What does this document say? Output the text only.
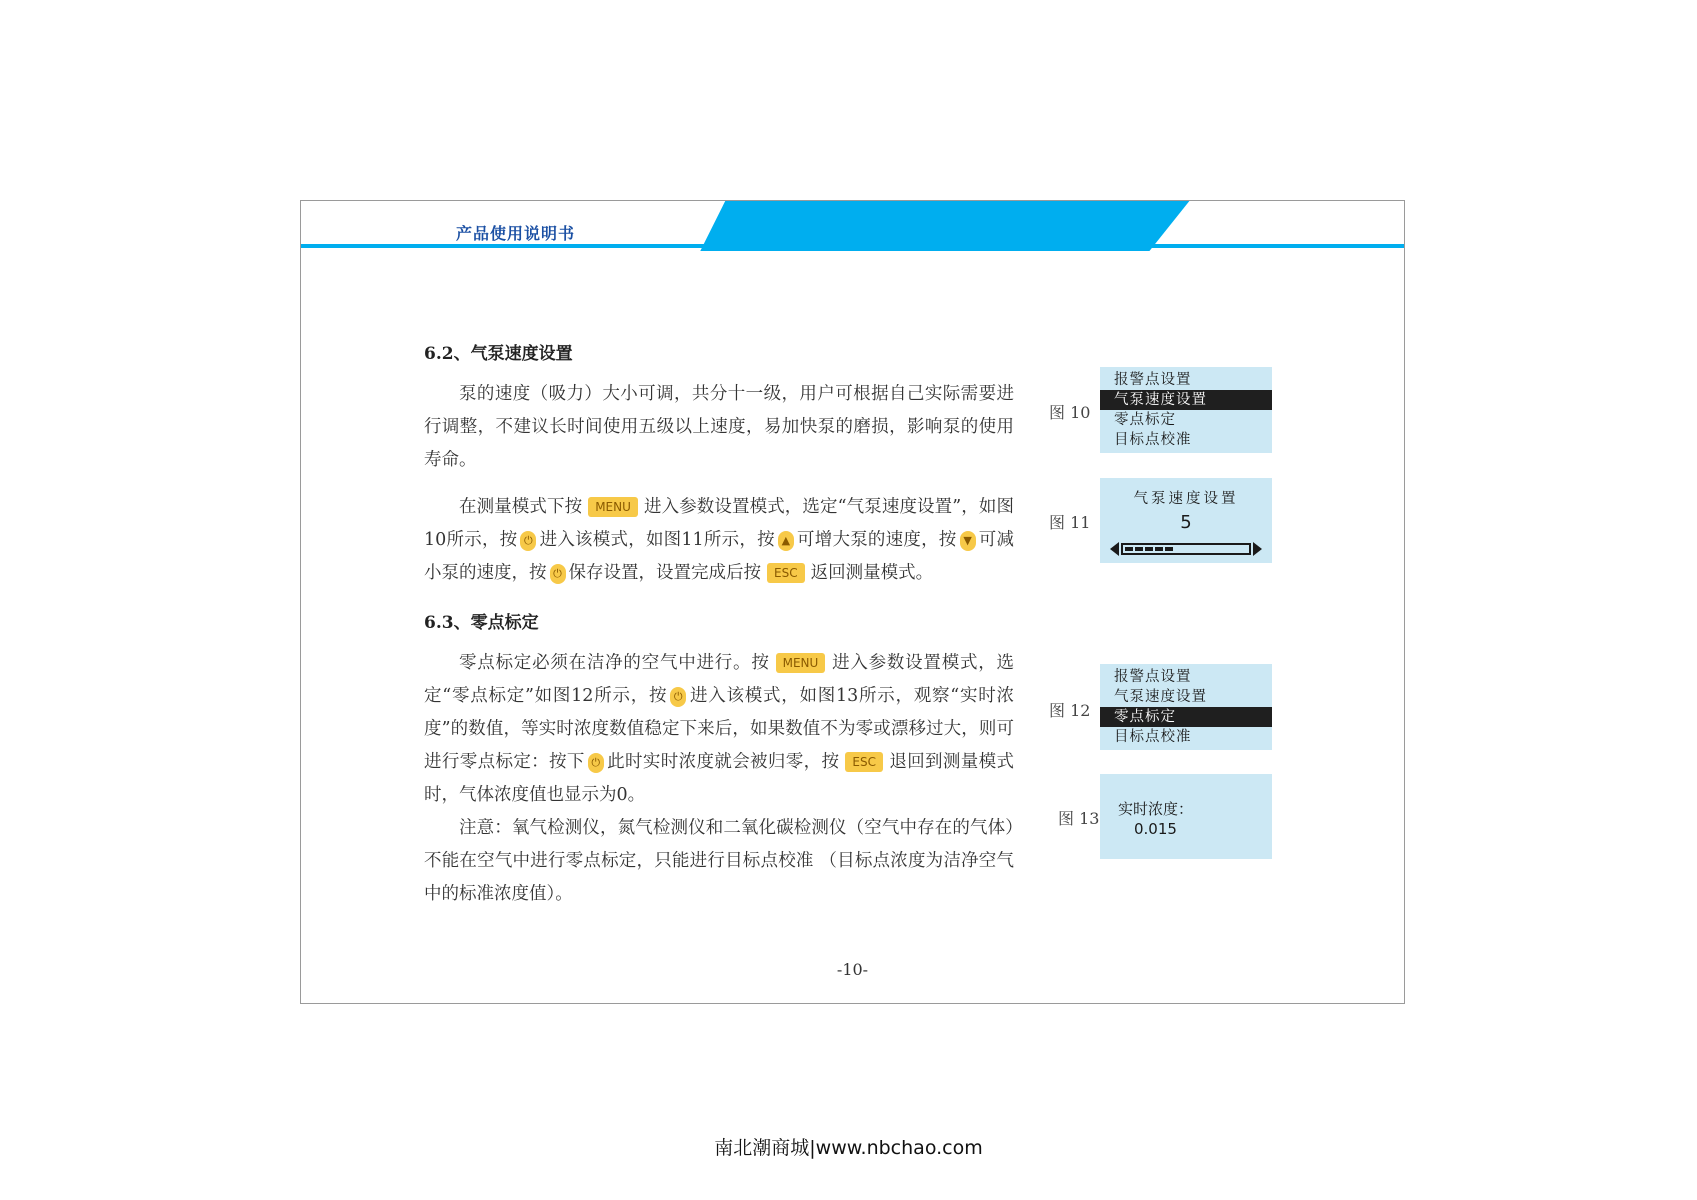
产品使用说明书
6.2、气泵速度设置

泵的速度（吸力）大小可调，共分十一级，用户可根据自己实际需要进行调整，不建议长时间使用五级以上速度，易加快泵的磨损，影响泵的使用寿命。

在测量模式下按 MENU 进入参数设置模式，选定“气泵速度设置”，如图10所示，按 ⏻ 进入该模式，如图11所示，按 ▲ 可增大泵的速度，按 ▼ 可减小泵的速度，按 ⏻ 保存设置，设置完成后按 ESC 返回测量模式。

6.3、零点标定

零点标定必须在洁净的空气中进行。按 MENU 进入参数设置模式，选定“零点标定”如图12所示，按 ⏻ 进入该模式，如图13所示，观察“实时浓度”的数值，等实时浓度数值稳定下来后，如果数值不为零或漂移过大，则可进行零点标定：按下 ⏻ 此时实时浓度就会被归零，按 ESC 退回到测量模式时，气体浓度值也显示为0。

注意：氧气检测仪，氮气检测仪和二氧化碳检测仪（空气中存在的气体）不能在空气中进行零点标定，只能进行目标点校准 （目标点浓度为洁净空气中的标准浓度值）。

图 10
报警点设置
气泵速度设置
零点标定
目标点校准
图 11
气泵速度设置
5
图 12
报警点设置
气泵速度设置
零点标定
目标点校准
图 13 实时浓度：
0.015
-10-
南北潮商城|www.nbchao.com
